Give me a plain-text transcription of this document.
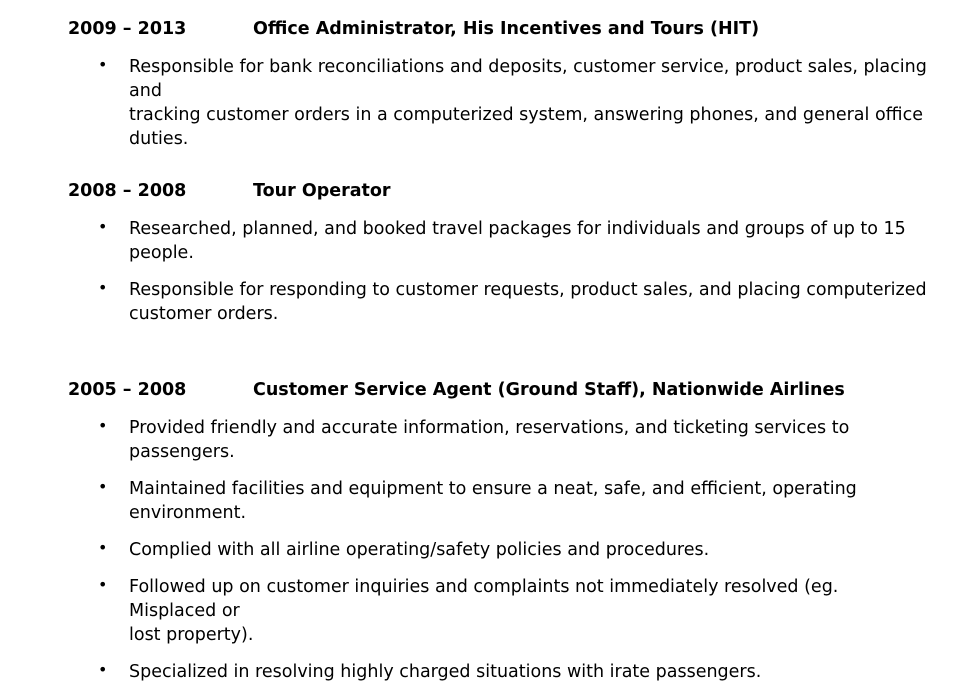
2009 – 2013	Office Administrator, His Incentives and Tours (HIT)
• Responsible for bank reconciliations and deposits, customer service, product sales, placing and
tracking customer orders in a computerized system, answering phones, and general office
duties.
2008 – 2008	Tour Operator
• Researched, planned, and booked travel packages for individuals and groups of up to 15
people.
• Responsible for responding to customer requests, product sales, and placing computerized
customer orders.
2005 – 2008	Customer Service Agent (Ground Staff), Nationwide Airlines
• Provided friendly and accurate information, reservations, and ticketing services to passengers.
• Maintained facilities and equipment to ensure a neat, safe, and efficient, operating
environment.
• Complied with all airline operating/safety policies and procedures.
• Followed up on customer inquiries and complaints not immediately resolved (eg. Misplaced or
lost property).
• Specialized in resolving highly charged situations with irate passengers.
